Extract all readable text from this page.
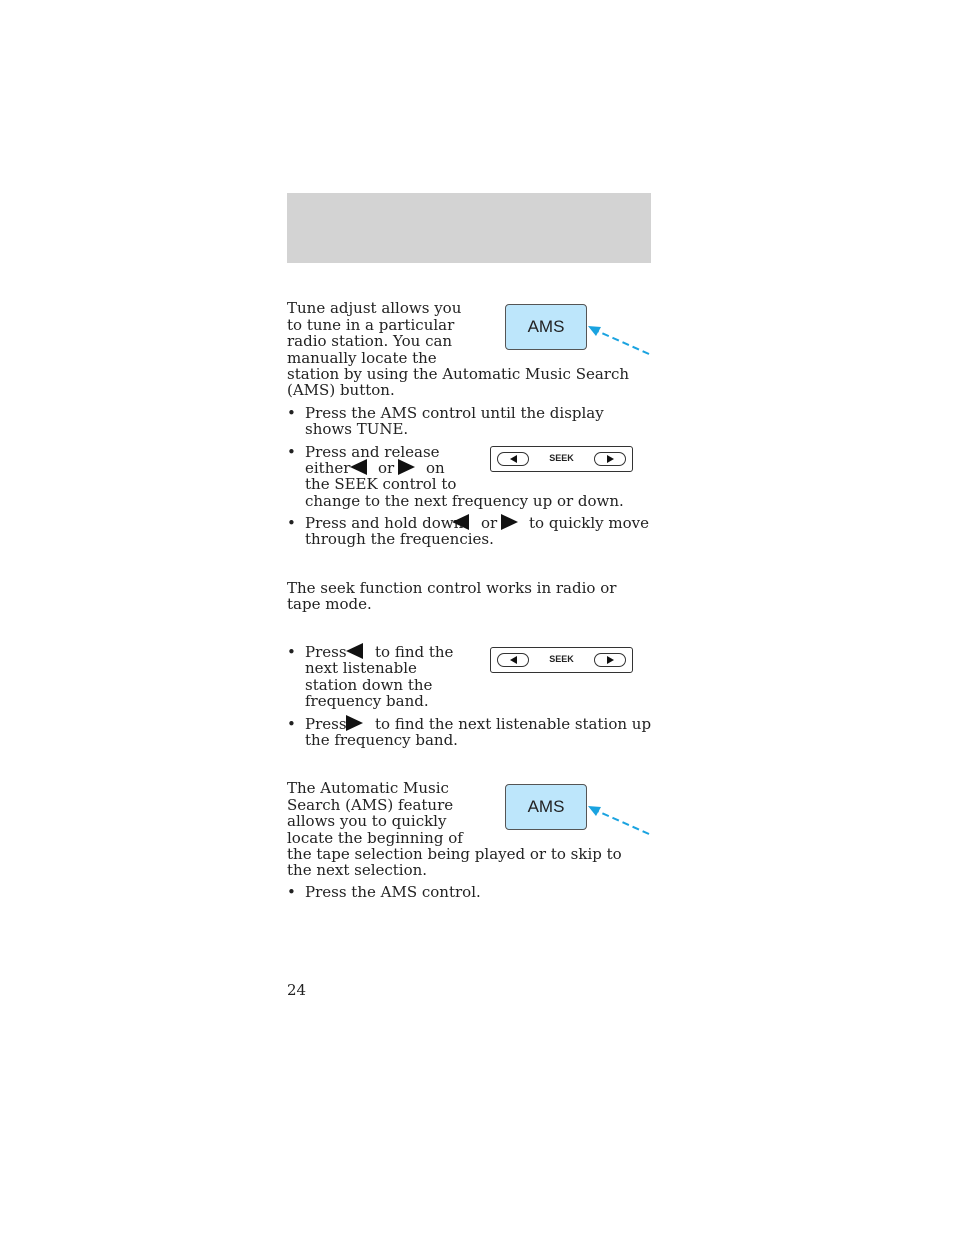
Tune adjust allows you
to tune in a particular
radio station. You can
manually locate the
station by using the Automatic Music Search (AMS) button.
AMS
• Press the AMS control until the display shows TUNE.
• Press and release
either or on
the SEEK control to
change to the next frequency up or down.
SEEK
• Press and hold down or to quickly move
through the frequencies.
The seek function control works in radio or tape mode.
• Press to find the
next listenable
station down the
frequency band.
SEEK
• Press to find the next listenable station up
the frequency band.
The Automatic Music
Search (AMS) feature
allows you to quickly
locate the beginning of
the tape selection being played or to skip to the next selection.
AMS
• Press the AMS control.
24
